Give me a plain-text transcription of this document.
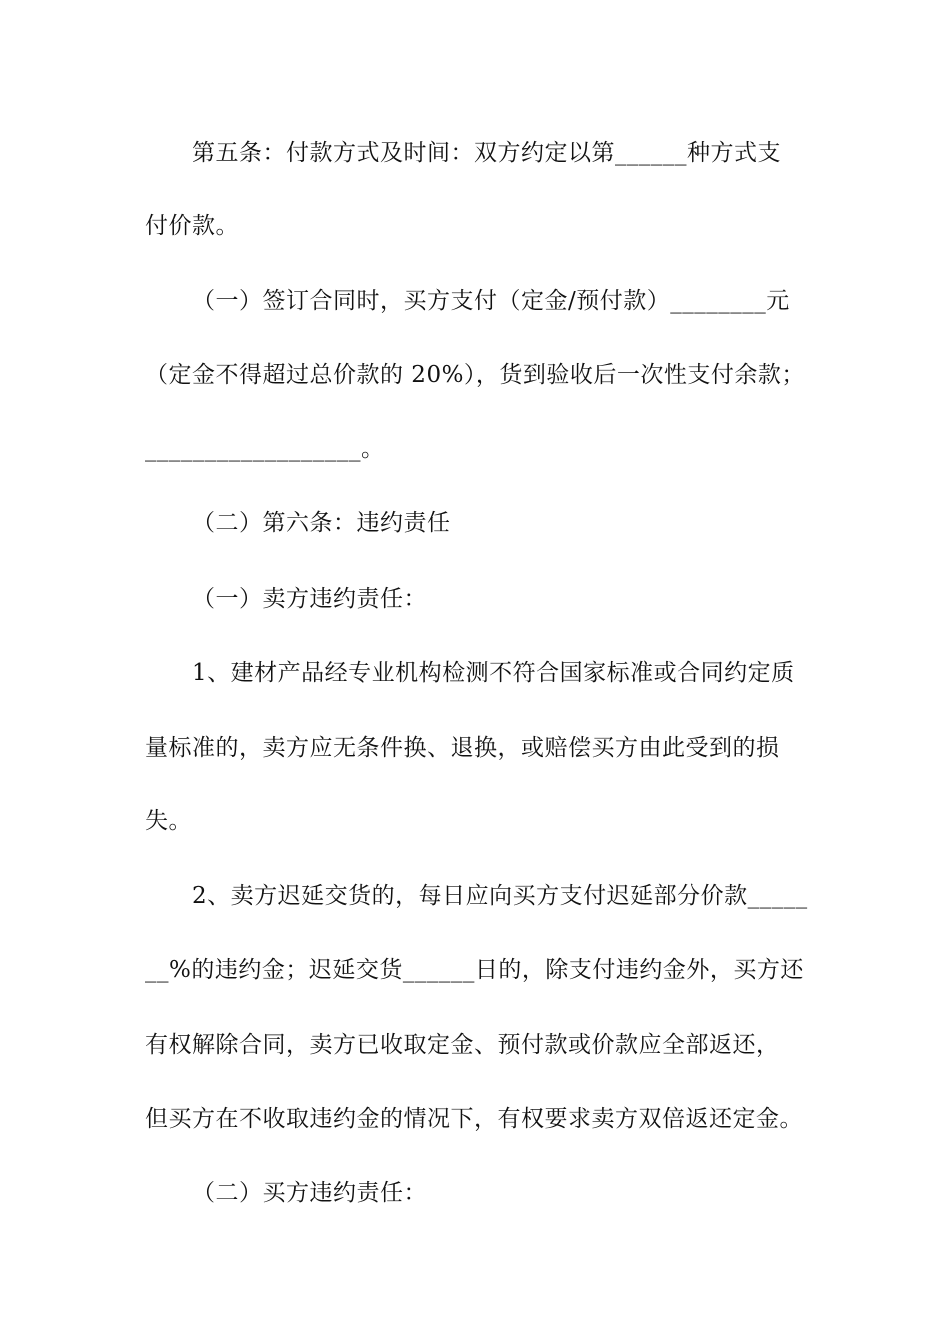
第五条：付款方式及时间：双方约定以第______种方式支
付价款。
（一）签订合同时，买方支付（定金/预付款）________元
（定金不得超过总价款的 20%），货到验收后一次性支付余款；
__________________。
（二）第六条：违约责任
（一）卖方违约责任：
1、建材产品经专业机构检测不符合国家标准或合同约定质
量标准的，卖方应无条件换、退换，或赔偿买方由此受到的损
失。
2、卖方迟延交货的，每日应向买方支付迟延部分价款_____
__%的违约金；迟延交货______日的，除支付违约金外，买方还
有权解除合同，卖方已收取定金、预付款或价款应全部返还，
但买方在不收取违约金的情况下，有权要求卖方双倍返还定金。
（二）买方违约责任：
